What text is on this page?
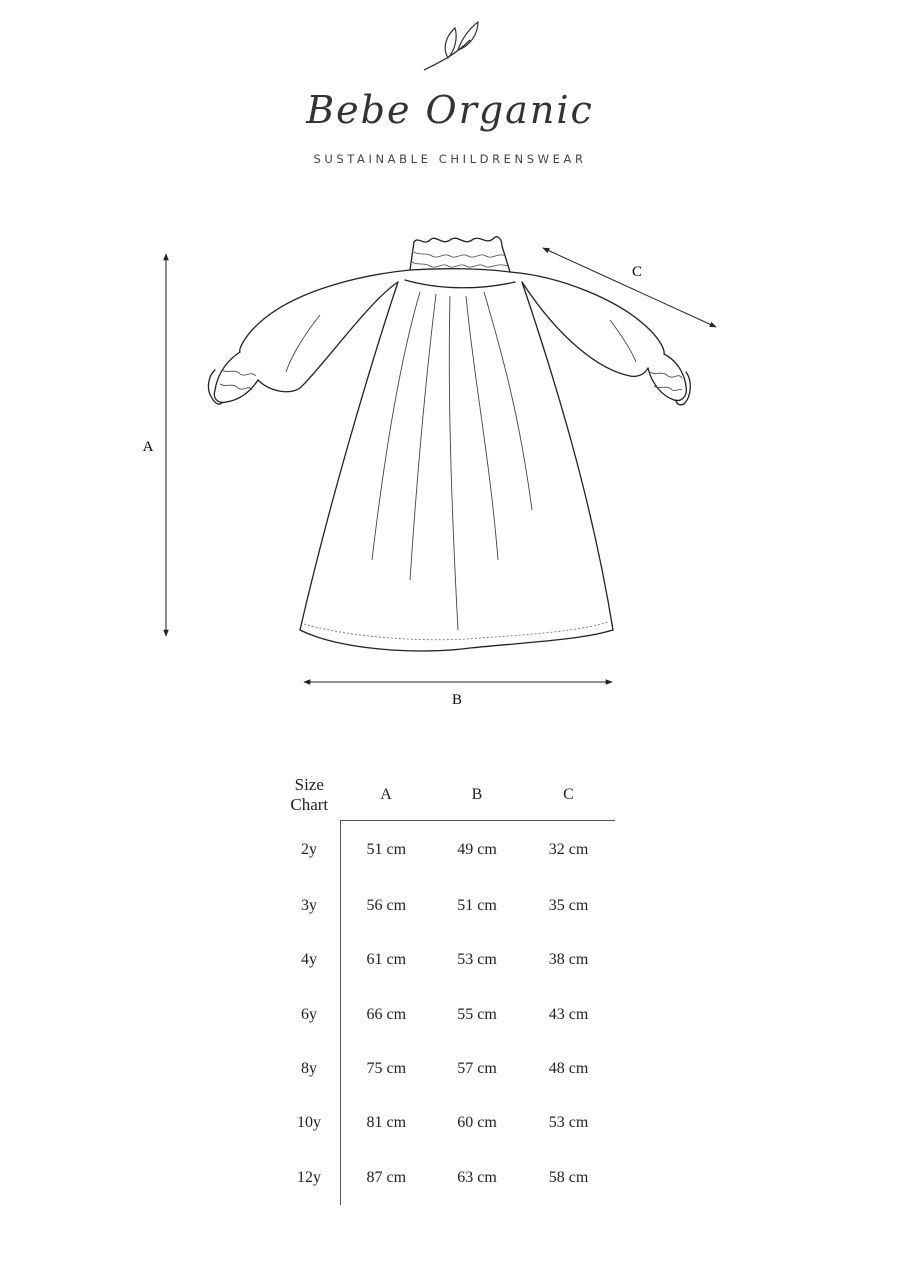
Bebe Organic
SUSTAINABLE CHILDRENSWEAR
A
B
C
Size
Chart	A	B	C
2y	51 cm	49 cm	32 cm
3y	56 cm	51 cm	35 cm
4y	61 cm	53 cm	38 cm
6y	66 cm	55 cm	43 cm
8y	75 cm	57 cm	48 cm
10y	81 cm	60 cm	53 cm
12y	87 cm	63 cm	58 cm
